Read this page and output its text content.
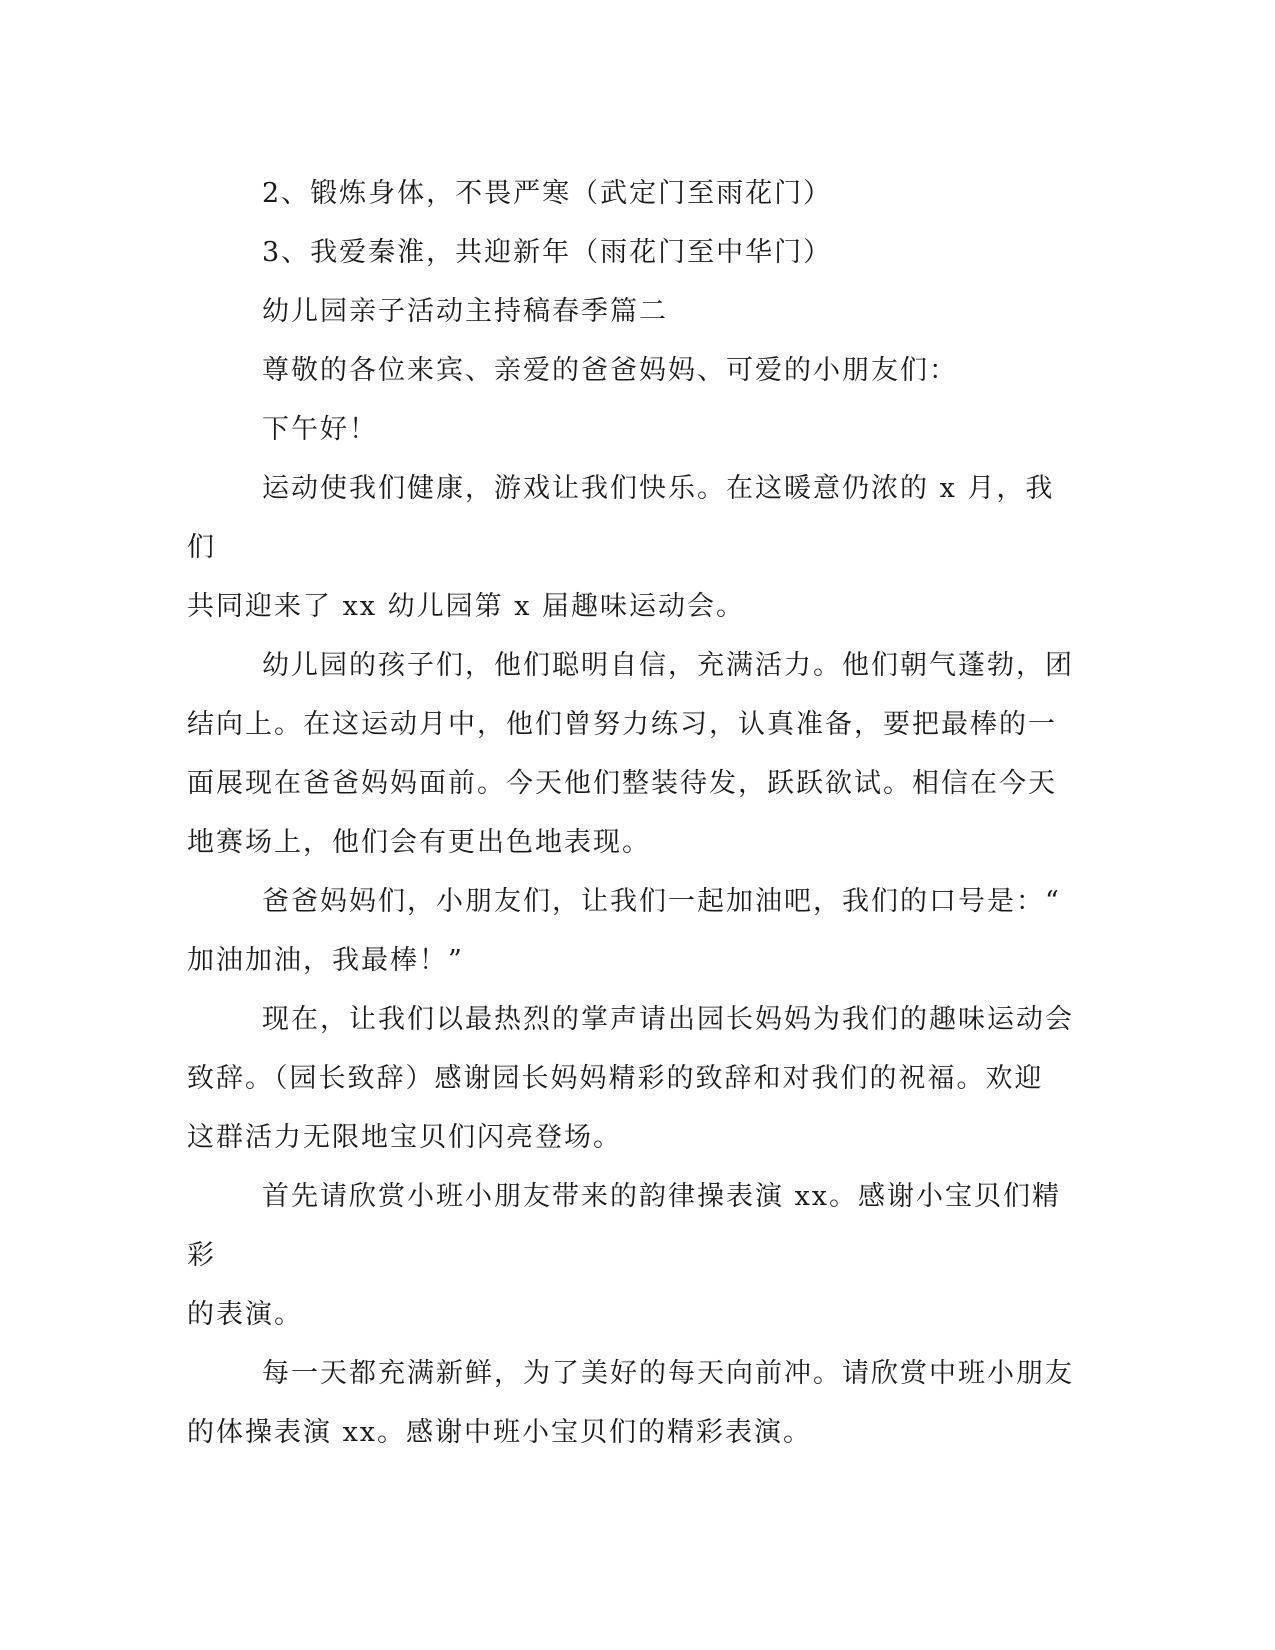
2、锻炼身体，不畏严寒（武定门至雨花门）

3、我爱秦淮，共迎新年（雨花门至中华门）

幼儿园亲子活动主持稿春季篇二

尊敬的各位来宾、亲爱的爸爸妈妈、可爱的小朋友们：

下午好！

运动使我们健康，游戏让我们快乐。在这暖意仍浓的 x 月，我们
共同迎来了 xx 幼儿园第 x 届趣味运动会。

幼儿园的孩子们，他们聪明自信，充满活力。他们朝气蓬勃，团
结向上。在这运动月中，他们曾努力练习，认真准备，要把最棒的一
面展现在爸爸妈妈面前。今天他们整装待发，跃跃欲试。相信在今天
地赛场上，他们会有更出色地表现。

爸爸妈妈们，小朋友们，让我们一起加油吧，我们的口号是：“
加油加油，我最棒！”

现在，让我们以最热烈的掌声请出园长妈妈为我们的趣味运动会
致辞。（园长致辞）感谢园长妈妈精彩的致辞和对我们的祝福。欢迎
这群活力无限地宝贝们闪亮登场。

首先请欣赏小班小朋友带来的韵律操表演 xx。感谢小宝贝们精彩
的表演。

每一天都充满新鲜，为了美好的每天向前冲。请欣赏中班小朋友
的体操表演 xx。感谢中班小宝贝们的精彩表演。
